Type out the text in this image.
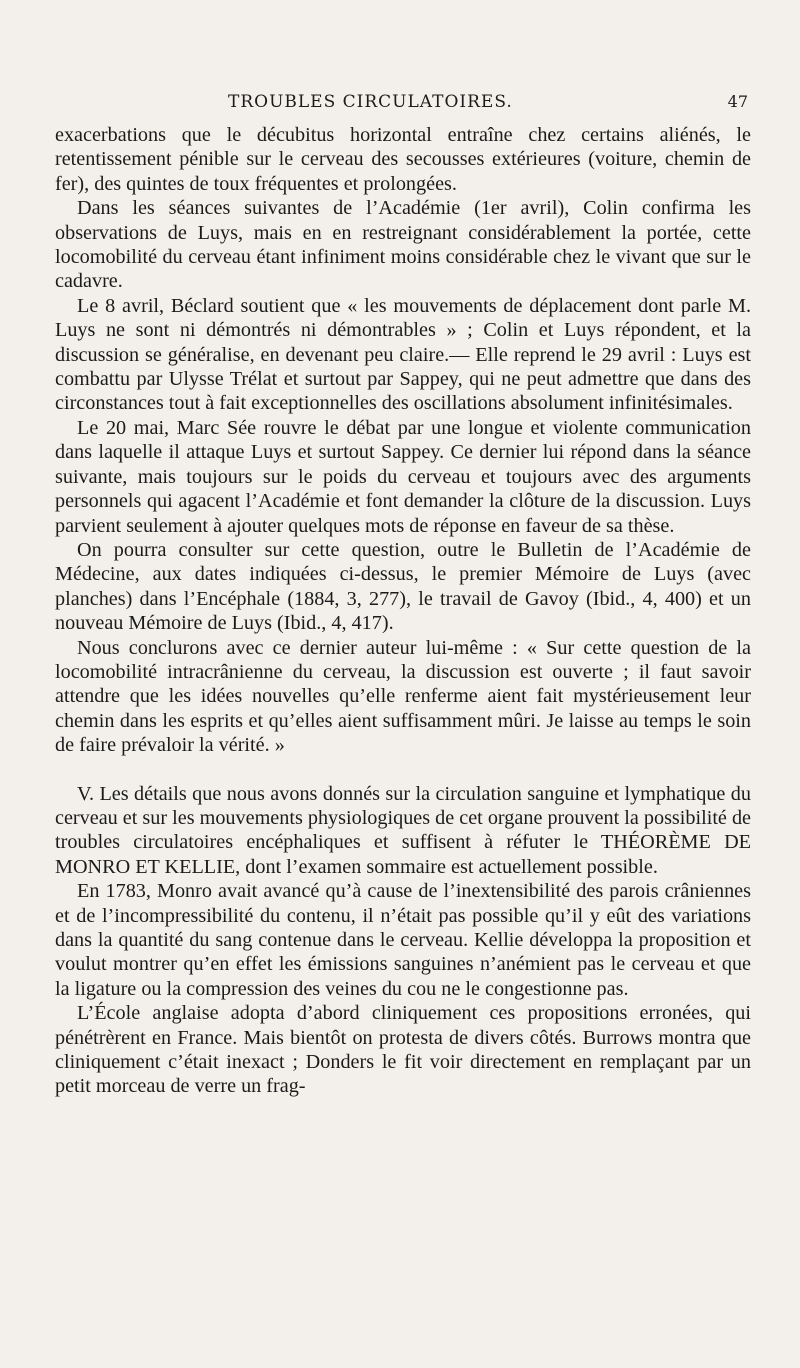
TROUBLES CIRCULATOIRES.	47

exacerbations que le décubitus horizontal entraîne chez certains aliénés, le retentissement pénible sur le cerveau des secousses extérieures (voiture, chemin de fer), des quintes de toux fréquentes et prolongées.

Dans les séances suivantes de l’Académie (1er avril), Colin confirma les observations de Luys, mais en en restreignant considérablement la portée, cette locomobilité du cerveau étant infiniment moins considérable chez le vivant que sur le cadavre.

Le 8 avril, Béclard soutient que « les mouvements de déplacement dont parle M. Luys ne sont ni démontrés ni démontrables » ; Colin et Luys répondent, et la discussion se généralise, en devenant peu claire.— Elle reprend le 29 avril : Luys est combattu par Ulysse Trélat et surtout par Sappey, qui ne peut admettre que dans des circonstances tout à fait exceptionnelles des oscillations absolument infinitésimales.

Le 20 mai, Marc Sée rouvre le débat par une longue et violente communication dans laquelle il attaque Luys et surtout Sappey. Ce dernier lui répond dans la séance suivante, mais toujours sur le poids du cerveau et toujours avec des arguments personnels qui agacent l’Académie et font demander la clôture de la discussion. Luys parvient seulement à ajouter quelques mots de réponse en faveur de sa thèse.

On pourra consulter sur cette question, outre le Bulletin de l’Académie de Médecine, aux dates indiquées ci-dessus, le premier Mémoire de Luys (avec planches) dans l’Encéphale (1884, 3, 277), le travail de Gavoy (Ibid., 4, 400) et un nouveau Mémoire de Luys (Ibid., 4, 417).

Nous conclurons avec ce dernier auteur lui-même : « Sur cette question de la locomobilité intracrânienne du cerveau, la discussion est ouverte ; il faut savoir attendre que les idées nouvelles qu’elle renferme aient fait mystérieusement leur chemin dans les esprits et qu’elles aient suffisamment mûri. Je laisse au temps le soin de faire prévaloir la vérité. »

V. Les détails que nous avons donnés sur la circulation sanguine et lymphatique du cerveau et sur les mouvements physiologiques de cet organe prouvent la possibilité de troubles circulatoires encéphaliques et suffisent à réfuter le THÉORÈME DE MONRO ET KELLIE, dont l’examen sommaire est actuellement possible.

En 1783, Monro avait avancé qu’à cause de l’inextensibilité des parois crâniennes et de l’incompressibilité du contenu, il n’était pas possible qu’il y eût des variations dans la quantité du sang contenue dans le cerveau. Kellie développa la proposition et voulut montrer qu’en effet les émissions sanguines n’anémient pas le cerveau et que la ligature ou la compression des veines du cou ne le congestionne pas.

L’École anglaise adopta d’abord cliniquement ces propositions erronées, qui pénétrèrent en France. Mais bientôt on protesta de divers côtés. Burrows montra que cliniquement c’était inexact ; Donders le fit voir directement en remplaçant par un petit morceau de verre un frag-
